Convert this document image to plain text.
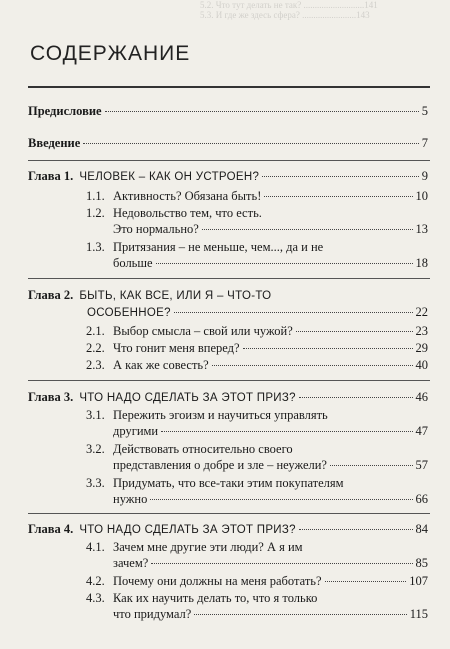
5.2. Что тут делать не так? ...........................141
5.3. И где же здесь сфера? ........................143
СОДЕРЖАНИЕ
Предисловие	5
Введение	7
Глава 1. ЧЕЛОВЕК – КАК ОН УСТРОЕН?	9
1.1. Активность? Обязана быть!	10
1.2. Недовольство тем, что есть.
Это нормально?	13
1.3. Притязания – не меньше, чем..., да и не
больше	18
Глава 2. БЫТЬ, КАК ВСЕ, ИЛИ Я – ЧТО-ТО
ОСОБЕННОЕ?	22
2.1. Выбор смысла – свой или чужой?	23
2.2. Что гонит меня вперед?	29
2.3. А как же совесть?	40
Глава 3. ЧТО НАДО СДЕЛАТЬ ЗА ЭТОТ ПРИЗ?	46
3.1. Пережить эгоизм и научиться управлять
другими	47
3.2. Действовать относительно своего
представления о добре и зле – неужели?	57
3.3. Придумать, что все-таки этим покупателям
нужно	66
Глава 4. ЧТО НАДО СДЕЛАТЬ ЗА ЭТОТ ПРИЗ?	84
4.1. Зачем мне другие эти люди? А я им
зачем?	85
4.2. Почему они должны на меня работать?	107
4.3. Как их научить делать то, что я только
что придумал?	115
